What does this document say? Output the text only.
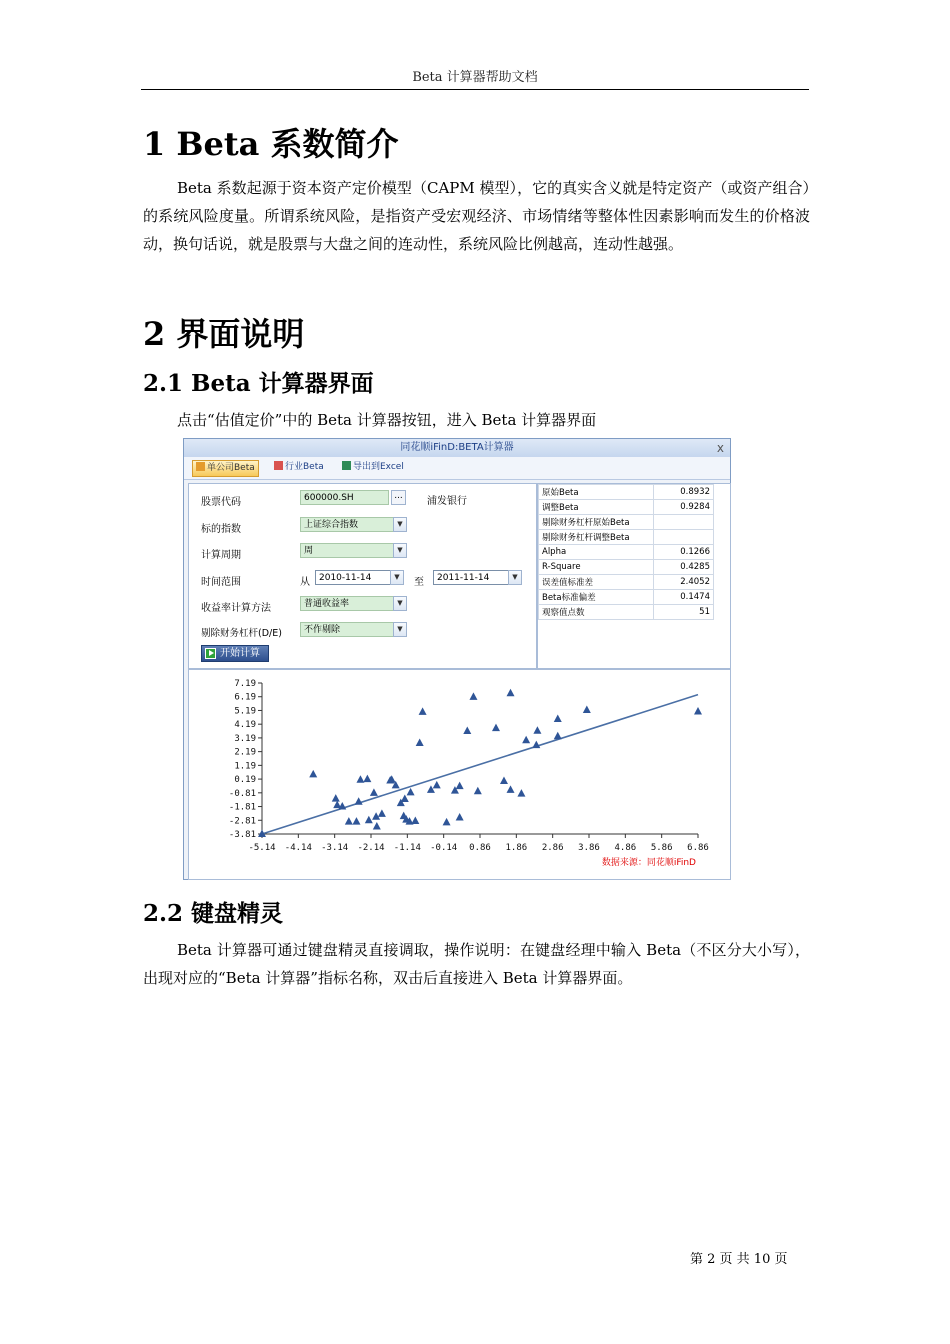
Beta 计算器帮助文档
1 Beta 系数简介

Beta 系数起源于资本资产定价模型（CAPM 模型），它的真实含义就是特定资产（或资产组合）的系统风险度量。所谓系统风险，是指资产受宏观经济、市场情绪等整体性因素影响而发生的价格波动，换句话说，就是股票与大盘之间的连动性，系统风险比例越高，连动性越强。

2 界面说明
2.1 Beta 计算器界面
点击“估值定价”中的 Beta 计算器按钮，进入 Beta 计算器界面
同花顺iFinD:BETA计算器	x
单公司Beta	行业Beta	导出到Excel
股票代码	600000.SH	...	浦发银行
标的指数	上证综合指数	▼
计算周期	周	▼
时间范围	从	2010-11-14	▼	至	2011-11-14	▼
收益率计算方法	普通收益率	▼
剔除财务杠杆(D/E)	不作剔除	▼
开始计算
原始Beta	0.8932
调整Beta	0.9284
剔除财务杠杆原始Beta	
剔除财务杠杆调整Beta	
Alpha	0.1266
R-Square	0.4285
误差值标准差	2.4052
Beta标准偏差	0.1474
观察值点数	51
7.19
6.19
5.19
4.19
3.19
2.19
1.19
0.19
-0.81
-1.81
-2.81
-3.81
-5.14 -4.14 -3.14 -2.14 -1.14 -0.14 0.86 1.86 2.86 3.86 4.86 5.86 6.86
数据来源：同花顺iFinD
2.2 键盘精灵

Beta 计算器可通过键盘精灵直接调取，操作说明：在键盘经理中输入 Beta（不区分大小写），出现对应的“Beta 计算器”指标名称，双击后直接进入 Beta 计算器界面。

第 2 页 共 10 页
